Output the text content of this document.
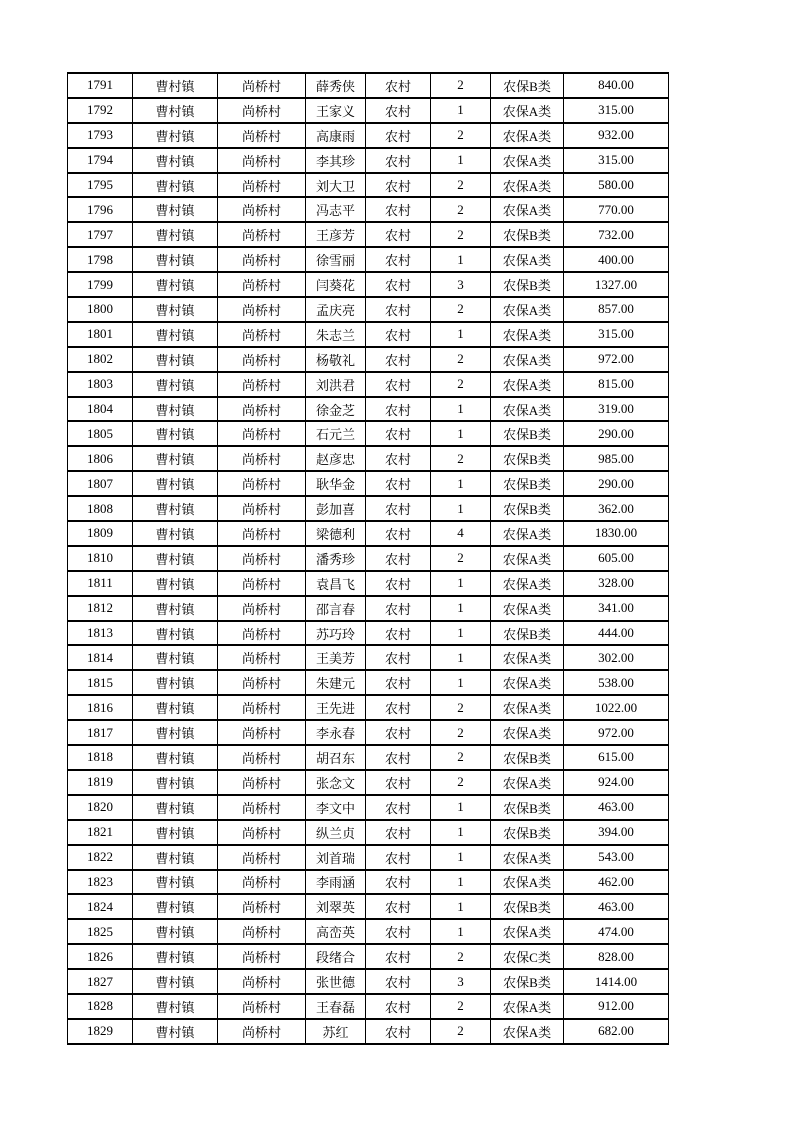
1791	曹村镇	尚桥村	薛秀侠	农村	2	农保B类	840.00
1792	曹村镇	尚桥村	王家义	农村	1	农保A类	315.00
1793	曹村镇	尚桥村	高康雨	农村	2	农保A类	932.00
1794	曹村镇	尚桥村	李其珍	农村	1	农保A类	315.00
1795	曹村镇	尚桥村	刘大卫	农村	2	农保A类	580.00
1796	曹村镇	尚桥村	冯志平	农村	2	农保A类	770.00
1797	曹村镇	尚桥村	王彦芳	农村	2	农保B类	732.00
1798	曹村镇	尚桥村	徐雪丽	农村	1	农保A类	400.00
1799	曹村镇	尚桥村	闫葵花	农村	3	农保B类	1327.00
1800	曹村镇	尚桥村	孟庆亮	农村	2	农保A类	857.00
1801	曹村镇	尚桥村	朱志兰	农村	1	农保A类	315.00
1802	曹村镇	尚桥村	杨敬礼	农村	2	农保A类	972.00
1803	曹村镇	尚桥村	刘洪君	农村	2	农保A类	815.00
1804	曹村镇	尚桥村	徐金芝	农村	1	农保A类	319.00
1805	曹村镇	尚桥村	石元兰	农村	1	农保B类	290.00
1806	曹村镇	尚桥村	赵彦忠	农村	2	农保B类	985.00
1807	曹村镇	尚桥村	耿华金	农村	1	农保B类	290.00
1808	曹村镇	尚桥村	彭加喜	农村	1	农保B类	362.00
1809	曹村镇	尚桥村	梁德利	农村	4	农保A类	1830.00
1810	曹村镇	尚桥村	潘秀珍	农村	2	农保A类	605.00
1811	曹村镇	尚桥村	袁昌飞	农村	1	农保A类	328.00
1812	曹村镇	尚桥村	邵言春	农村	1	农保A类	341.00
1813	曹村镇	尚桥村	苏巧玲	农村	1	农保B类	444.00
1814	曹村镇	尚桥村	王美芳	农村	1	农保A类	302.00
1815	曹村镇	尚桥村	朱建元	农村	1	农保A类	538.00
1816	曹村镇	尚桥村	王先进	农村	2	农保A类	1022.00
1817	曹村镇	尚桥村	李永春	农村	2	农保A类	972.00
1818	曹村镇	尚桥村	胡召东	农村	2	农保B类	615.00
1819	曹村镇	尚桥村	张念文	农村	2	农保A类	924.00
1820	曹村镇	尚桥村	李文中	农村	1	农保B类	463.00
1821	曹村镇	尚桥村	纵兰贞	农村	1	农保B类	394.00
1822	曹村镇	尚桥村	刘首瑞	农村	1	农保A类	543.00
1823	曹村镇	尚桥村	李雨涵	农村	1	农保A类	462.00
1824	曹村镇	尚桥村	刘翠英	农村	1	农保B类	463.00
1825	曹村镇	尚桥村	高峦英	农村	1	农保A类	474.00
1826	曹村镇	尚桥村	段绪合	农村	2	农保C类	828.00
1827	曹村镇	尚桥村	张世德	农村	3	农保B类	1414.00
1828	曹村镇	尚桥村	王春磊	农村	2	农保A类	912.00
1829	曹村镇	尚桥村	苏红	农村	2	农保A类	682.00
